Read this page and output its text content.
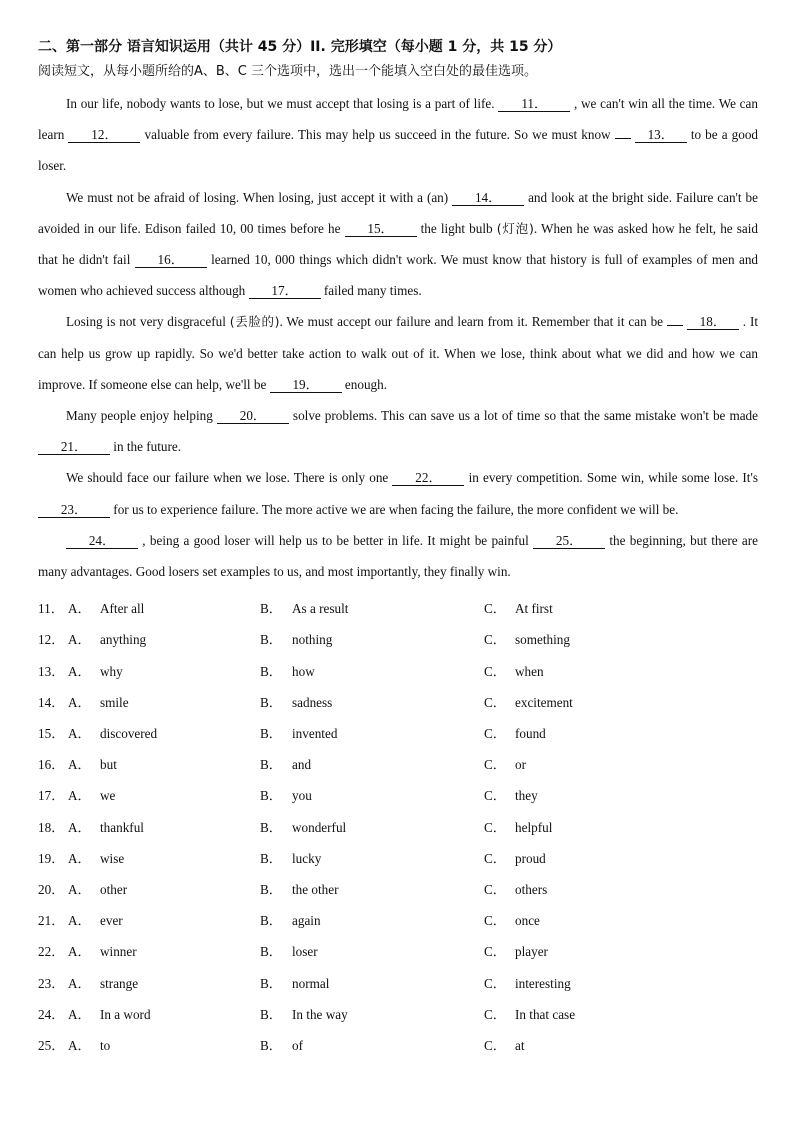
二、第一部分 语言知识运用（共计 45 分）II. 完形填空（每小题 1 分，共 15 分）
阅读短文，从每小题所给的A、B、C 三个选项中，选出一个能填入空白处的最佳选项。

In our life, nobody wants to lose, but we must accept that losing is a part of life. 11． , we can't win all the time. We can learn 12． valuable from every failure. This may help us succeed in the future. So we must know  13． to be a good loser.

We must not be afraid of losing. When losing, just accept it with a (an) 14． and look at the bright side. Failure can't be avoided in our life. Edison failed 10, 00 times before he 15． the light bulb (灯泡). When he was asked how he felt, he said that he didn't fail 16． learned 10, 000 things which didn't work. We must know that history is full of examples of men and women who achieved success although 17． failed many times.

Losing is not very disgraceful (丢脸的). We must accept our failure and learn from it. Remember that it can be  18． . It can help us grow up rapidly. So we'd better take action to walk out of it. When we lose, think about what we did and how we can improve. If someone else can help, we'll be 19． enough.

Many people enjoy helping 20． solve problems. This can save us a lot of time so that the same mistake won't be made 21． in the future.

We should face our failure when we lose. There is only one 22． in every competition. Some win, while some lose. It's 23． for us to experience failure. The more active we are when facing the failure, the more confident we will be.

24． , being a good loser will help us to be better in life. It might be painful 25． the beginning, but there are many advantages. Good losers set examples to us, and most importantly, they finally win.

11． A． After all	B． As a result	C． At first
12． A． anything	B． nothing	C． something
13． A． why	B． how	C． when
14． A． smile	B． sadness	C． excitement
15． A． discovered	B． invented	C． found
16． A． but	B． and	C． or
17． A． we	B． you	C． they
18． A． thankful	B． wonderful	C． helpful
19． A． wise	B． lucky	C． proud
20． A． other	B． the other	C． others
21． A． ever	B． again	C． once
22． A． winner	B． loser	C． player
23． A． strange	B． normal	C． interesting
24． A． In a word	B． In the way	C． In that case
25． A． to	B． of	C． at
